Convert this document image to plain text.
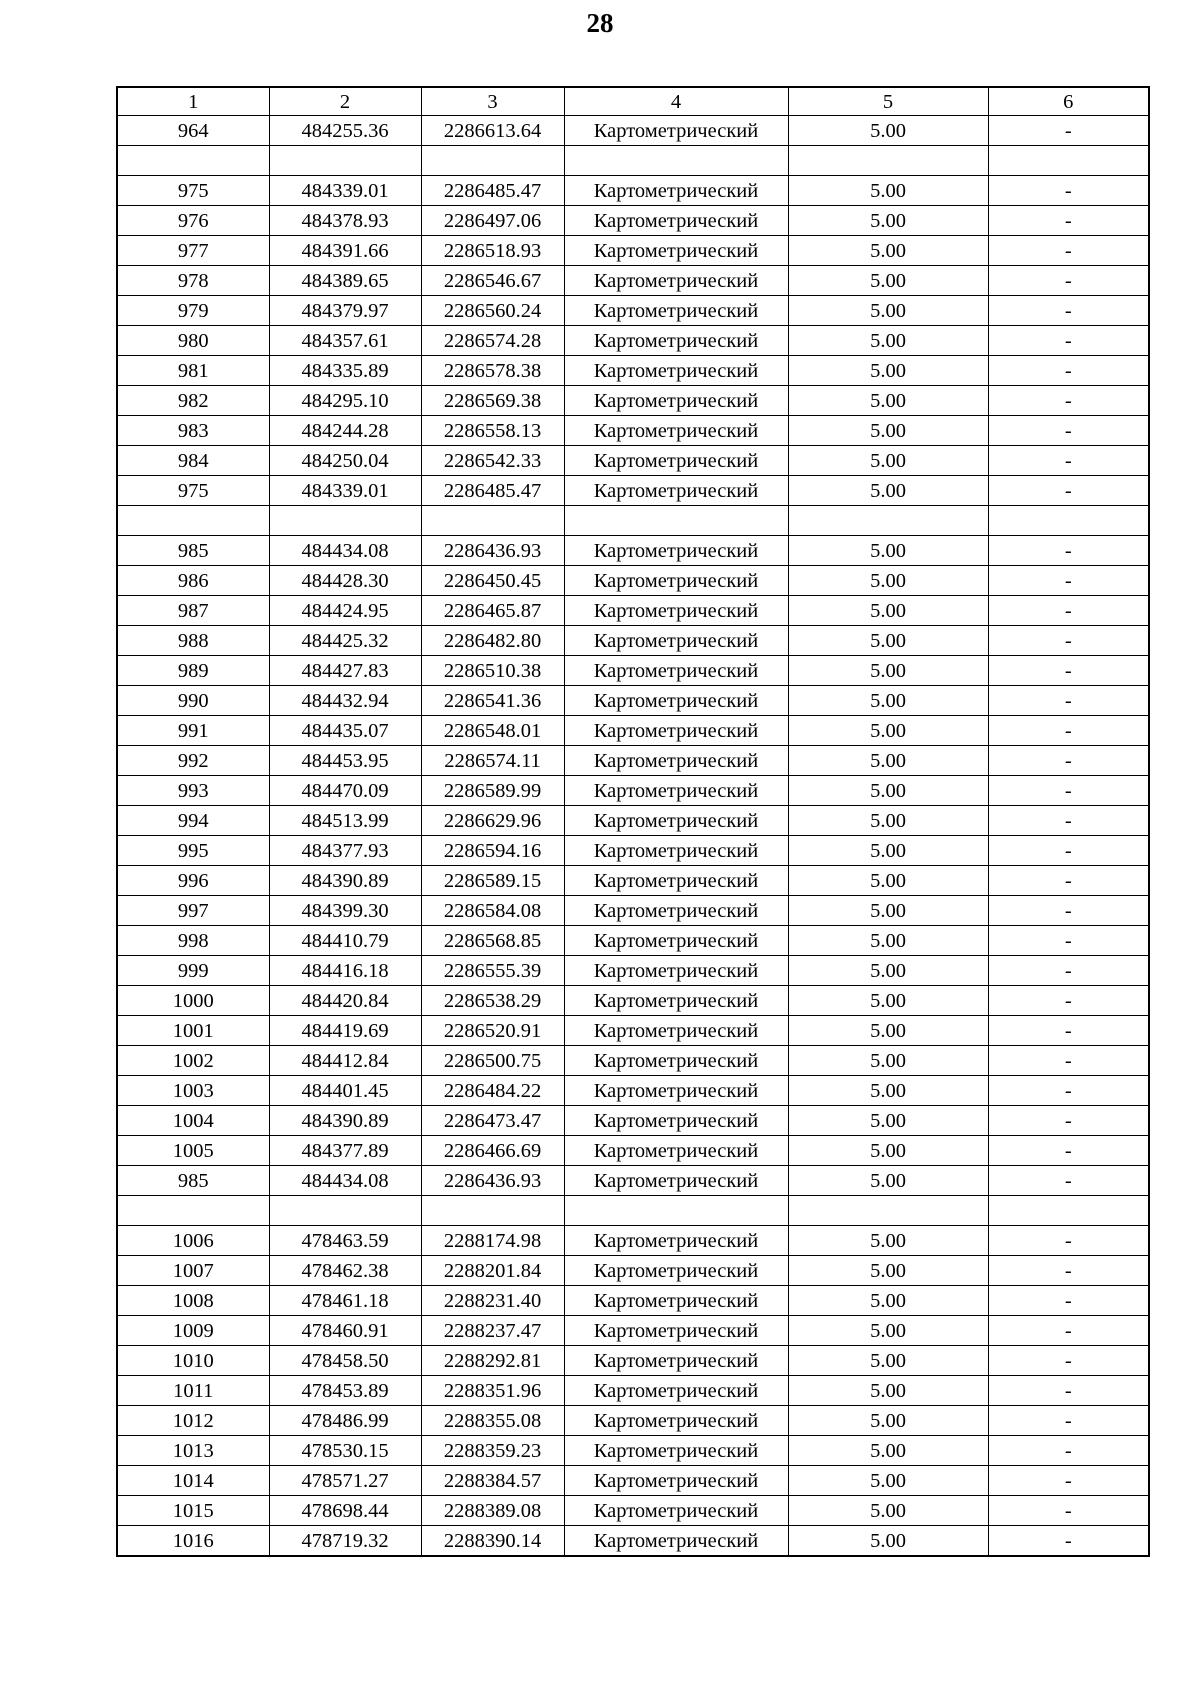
28
1	2	3	4	5	6
964	484255.36	2286613.64	Картометрический	5.00	-

975	484339.01	2286485.47	Картометрический	5.00	-
976	484378.93	2286497.06	Картометрический	5.00	-
977	484391.66	2286518.93	Картометрический	5.00	-
978	484389.65	2286546.67	Картометрический	5.00	-
979	484379.97	2286560.24	Картометрический	5.00	-
980	484357.61	2286574.28	Картометрический	5.00	-
981	484335.89	2286578.38	Картометрический	5.00	-
982	484295.10	2286569.38	Картометрический	5.00	-
983	484244.28	2286558.13	Картометрический	5.00	-
984	484250.04	2286542.33	Картометрический	5.00	-
975	484339.01	2286485.47	Картометрический	5.00	-

985	484434.08	2286436.93	Картометрический	5.00	-
986	484428.30	2286450.45	Картометрический	5.00	-
987	484424.95	2286465.87	Картометрический	5.00	-
988	484425.32	2286482.80	Картометрический	5.00	-
989	484427.83	2286510.38	Картометрический	5.00	-
990	484432.94	2286541.36	Картометрический	5.00	-
991	484435.07	2286548.01	Картометрический	5.00	-
992	484453.95	2286574.11	Картометрический	5.00	-
993	484470.09	2286589.99	Картометрический	5.00	-
994	484513.99	2286629.96	Картометрический	5.00	-
995	484377.93	2286594.16	Картометрический	5.00	-
996	484390.89	2286589.15	Картометрический	5.00	-
997	484399.30	2286584.08	Картометрический	5.00	-
998	484410.79	2286568.85	Картометрический	5.00	-
999	484416.18	2286555.39	Картометрический	5.00	-
1000	484420.84	2286538.29	Картометрический	5.00	-
1001	484419.69	2286520.91	Картометрический	5.00	-
1002	484412.84	2286500.75	Картометрический	5.00	-
1003	484401.45	2286484.22	Картометрический	5.00	-
1004	484390.89	2286473.47	Картометрический	5.00	-
1005	484377.89	2286466.69	Картометрический	5.00	-
985	484434.08	2286436.93	Картометрический	5.00	-

1006	478463.59	2288174.98	Картометрический	5.00	-
1007	478462.38	2288201.84	Картометрический	5.00	-
1008	478461.18	2288231.40	Картометрический	5.00	-
1009	478460.91	2288237.47	Картометрический	5.00	-
1010	478458.50	2288292.81	Картометрический	5.00	-
1011	478453.89	2288351.96	Картометрический	5.00	-
1012	478486.99	2288355.08	Картометрический	5.00	-
1013	478530.15	2288359.23	Картометрический	5.00	-
1014	478571.27	2288384.57	Картометрический	5.00	-
1015	478698.44	2288389.08	Картометрический	5.00	-
1016	478719.32	2288390.14	Картометрический	5.00	-
